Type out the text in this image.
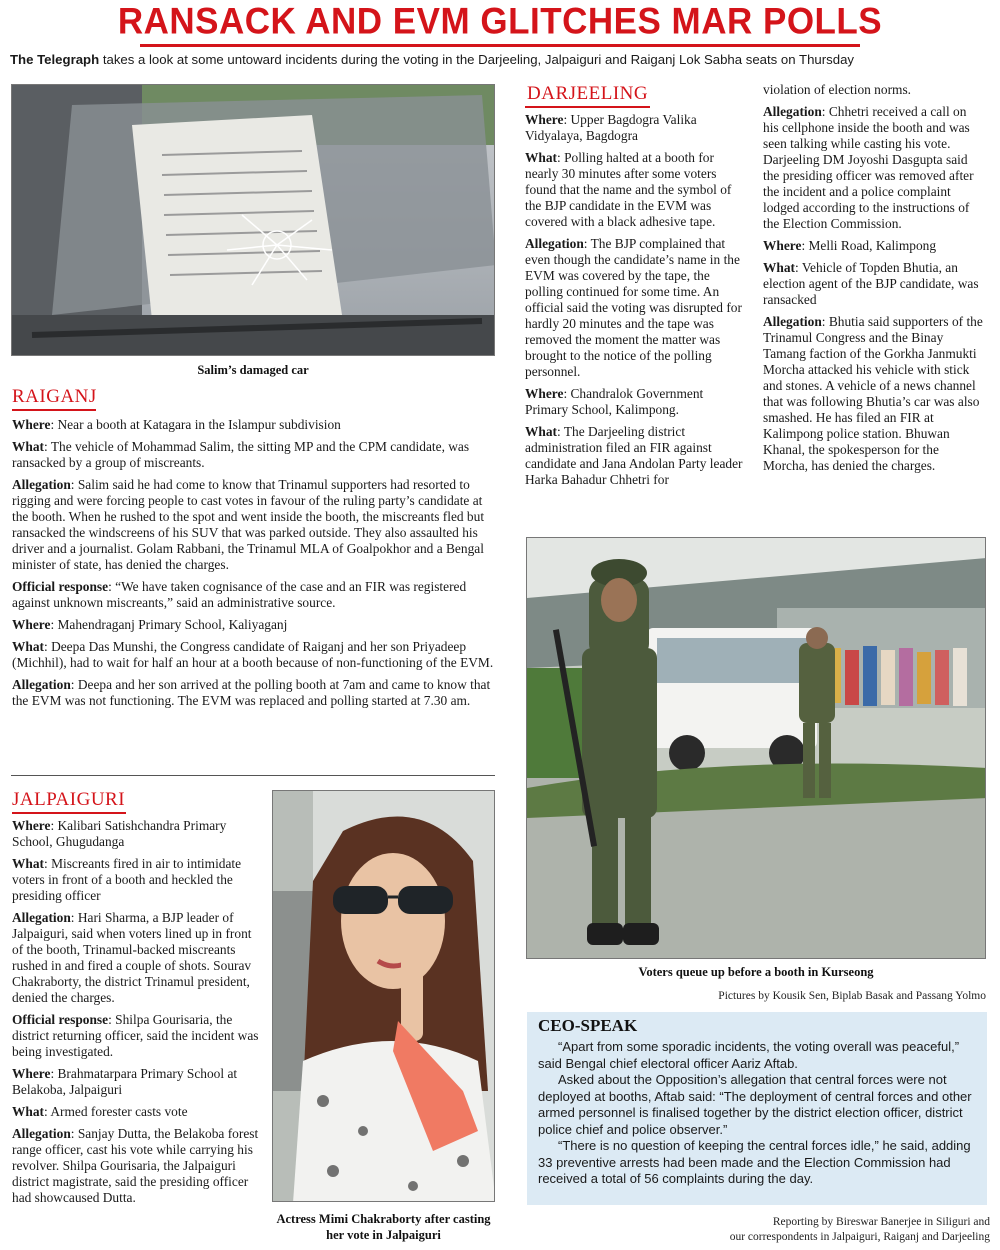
RANSACK AND EVM GLITCHES MAR POLLS
The Telegraph takes a look at some untoward incidents during the voting in the Darjeeling, Jalpaiguri and Raiganj Lok Sabha seats on Thursday
Salim’s damaged car
RAIGANJ

Where: Near a booth at Katagara in the Islampur subdivision

What: The vehicle of Mohammad Salim, the sitting MP and the CPM candidate, was ransacked by a group of miscreants.

Allegation: Salim said he had come to know that Trinamul supporters had resorted to rigging and were forcing people to cast votes in favour of the ruling party’s candidate at the booth. When he rushed to the spot and went inside the booth, the miscreants fled but ransacked the windscreens of his SUV that was parked outside. They also assaulted his driver and a journalist. Golam Rabbani, the Trinamul MLA of Goalpokhor and a Bengal minister of state, has denied the charges.

Official response: “We have taken cognisance of the case and an FIR was registered against unknown miscreants,” said an administrative source.

Where: Mahendraganj Primary School, Kaliyaganj

What: Deepa Das Munshi, the Congress candidate of Raiganj and her son Priyadeep (Michhil), had to wait for half an hour at a booth because of non-functioning of the EVM.

Allegation: Deepa and her son arrived at the polling booth at 7am and came to know that the EVM was not functioning. The EVM was replaced and polling started at 7.30 am.

JALPAIGURI

Where: Kalibari Satishchandra Primary School, Ghugudanga

What: Miscreants fired in air to intimidate voters in front of a booth and heckled the presiding officer

Allegation: Hari Sharma, a BJP leader of Jalpaiguri, said when voters lined up in front of the booth, Trinamul-backed miscreants rushed in and fired a couple of shots. Sourav Chakraborty, the district Trinamul president, denied the charges.

Official response: Shilpa Gourisaria, the district returning officer, said the incident was being investigated.

Where: Brahmatarpara Primary School at Belakoba, Jalpaiguri

What: Armed forester casts vote

Allegation: Sanjay Dutta, the Belakoba forest range officer, cast his vote while carrying his revolver. Shilpa Gourisaria, the Jalpaiguri district magistrate, said the presiding officer had showcaused Dutta.

Actress Mimi Chakraborty after casting her vote in Jalpaiguri
DARJEELING

Where: Upper Bagdogra Valika Vidyalaya, Bagdogra

What: Polling halted at a booth for nearly 30 minutes after some voters found that the name and the symbol of the BJP candidate in the EVM was covered with a black adhesive tape.

Allegation: The BJP complained that even though the candidate’s name in the EVM was covered by the tape, the polling continued for some time. An official said the voting was disrupted for hardly 20 minutes and the tape was removed the moment the matter was brought to the notice of the polling personnel.

Where: Chandralok Government Primary School, Kalimpong.

What: The Darjeeling district administration filed an FIR against candidate and Jana Andolan Party leader Harka Bahadur Chhetri for

violation of election norms.

Allegation: Chhetri received a call on his cellphone inside the booth and was seen talking while casting his vote. Darjeeling DM Joyoshi Dasgupta said the presiding officer was removed after the incident and a police complaint lodged according to the instructions of the Election Commission.

Where: Melli Road, Kalimpong

What: Vehicle of Topden Bhutia, an election agent of the BJP candidate, was ransacked

Allegation: Bhutia said supporters of the Trinamul Congress and the Binay Tamang faction of the Gorkha Janmukti Morcha attacked his vehicle with stick and stones. A vehicle of a news channel that was following Bhutia’s car was also smashed. He has filed an FIR at Kalimpong police station. Bhuwan Khanal, the spokesperson for the Morcha, has denied the charges.

Voters queue up before a booth in Kurseong
Pictures by Kousik Sen, Biplab Basak and Passang Yolmo
CEO-SPEAK

“Apart from some sporadic incidents, the voting overall was peaceful,” said Bengal chief electoral officer Aariz Aftab.

Asked about the Opposition’s allegation that central forces were not deployed at booths, Aftab said: “The deployment of central forces and other armed personnel is finalised together by the district election officer, district police chief and police observer.”

“There is no question of keeping the central forces idle,” he said, adding 33 preventive arrests had been made and the Election Commission had received a total of 56 complaints during the day.

Reporting by Bireswar Banerjee in Siliguri and
our correspondents in Jalpaiguri, Raiganj and Darjeeling
